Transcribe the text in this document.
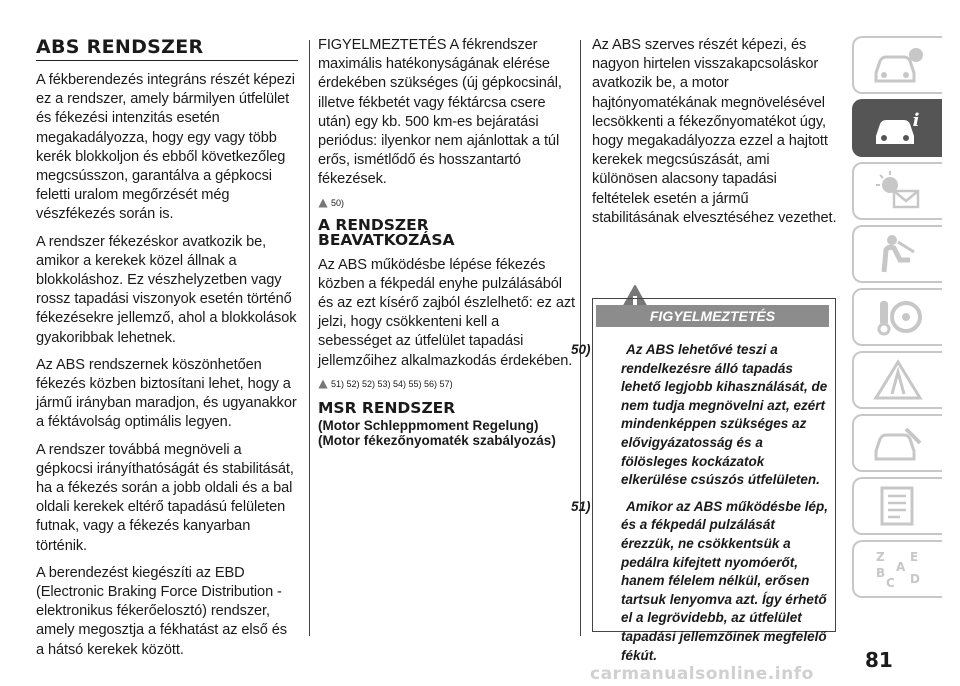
ABS RENDSZER

A fékberendezés integráns részét képezi ez a rendszer, amely bármilyen útfelület és fékezési intenzitás esetén megakadályozza, hogy egy vagy több kerék blokkoljon és ebből következőleg megcsússzon, garantálva a gépkocsi feletti uralom megőrzését még vészfékezés során is.

A rendszer fékezéskor avatkozik be, amikor a kerekek közel állnak a blokkoláshoz. Ez vészhelyzetben vagy rossz tapadási viszonyok esetén történő fékezésekre jellemző, ahol a blokkolások gyakoribbak lehetnek.

Az ABS rendszernek köszönhetően fékezés közben biztosítani lehet, hogy a jármű irányban maradjon, és ugyanakkor a féktávolság optimális legyen.

A rendszer továbbá megnöveli a gépkocsi irányíthatóságát és stabilitását, ha a fékezés során a jobb oldali és a bal oldali kerekek eltérő tapadású felületen futnak, vagy a fékezés kanyarban történik.

A berendezést kiegészíti az EBD (Electronic Braking Force Distribution - elektronikus fékerőelosztó) rendszer, amely megosztja a fékhatást az első és a hátsó kerekek között.

FIGYELMEZTETÉS A fékrendszer maximális hatékonyságának elérése érdekében szükséges (új gépkocsinál, illetve fékbetét vagy féktárcsa csere után) egy kb. 500 km-es bejáratási periódus: ilyenkor nem ajánlottak a túl erős, ismétlődő és hosszantartó fékezések.

50)
A RENDSZER BEAVATKOZÁSA

Az ABS működésbe lépése fékezés közben a fékpedál enyhe pulzálásából és az ezt kísérő zajból észlelhető: ez azt jelzi, hogy csökkenteni kell a sebességet az útfelület tapadási jellemzőihez alkalmazkodás érdekében.

51) 52) 52) 53) 54) 55) 56) 57)
MSR RENDSZER
(Motor Schleppmoment Regelung) (Motor fékezőnyomaték szabályozás)

Az ABS szerves részét képezi, és nagyon hirtelen visszakapcsoláskor avatkozik be, a motor hajtónyomatékának megnövelésével lecsökkenti a fékezőnyomatékot úgy, hogy megakadályozza ezzel a hajtott kerekek megcsúszását, ami különösen alacsony tapadási feltételek esetén a jármű stabilitásának elvesztéséhez vezethet.

FIGYELMEZTETÉS
50)	Az ABS lehetővé teszi a rendelkezésre álló tapadás lehető legjobb kihasználását, de nem tudja megnövelni azt, ezért mindenképpen szükséges az elővigyázatosság és a fölösleges kockázatok elkerülése csúszós útfelületen.
51)	Amikor az ABS működésbe lép, és a fékpedál pulzálását érezzük, ne csökkentsük a pedálra kifejtett nyomóerőt, hanem félelem nélkül, erősen tartsuk lenyomva azt. Így érhető el a legrövidebb, az útfelület tapadási jellemzőinek megfelelő fékút.
i
Z E
B A
C D
81
carmanualsonline.info
